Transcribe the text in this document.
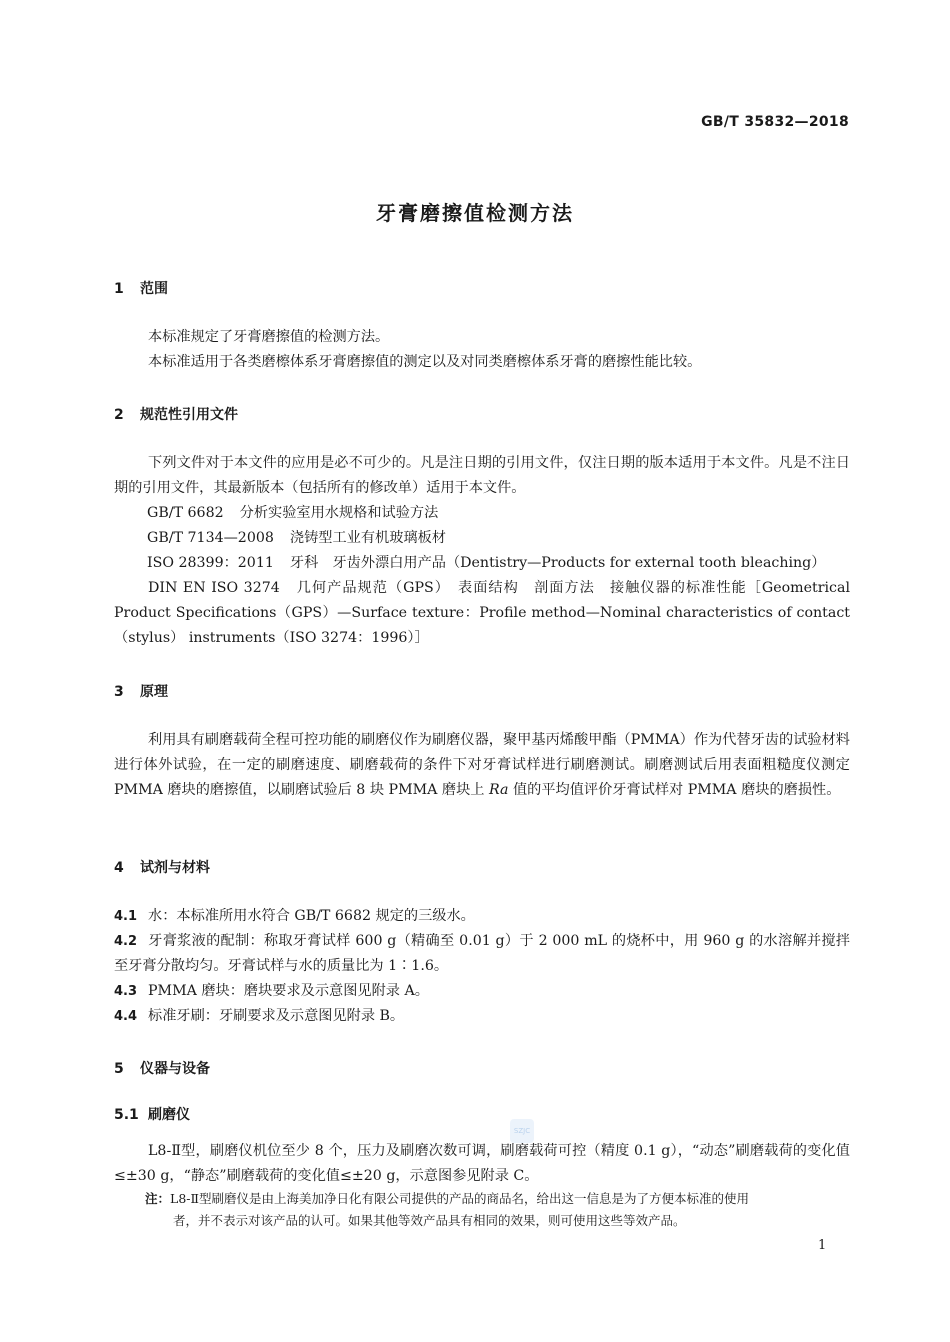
GB/T 35832—2018
牙膏磨擦值检测方法
1 范围
本标准规定了牙膏磨擦值的检测方法。
本标准适用于各类磨檫体系牙膏磨擦值的测定以及对同类磨檫体系牙膏的磨擦性能比较。
2 规范性引用文件
下列文件对于本文件的应用是必不可少的。凡是注日期的引用文件，仅注日期的版本适用于本文件。凡是不注日期的引用文件，其最新版本（包括所有的修改单）适用于本文件。
GB/T 6682 分析实验室用水规格和试验方法
GB/T 7134—2008 浇铸型工业有机玻璃板材
ISO 28399：2011 牙科　牙齿外漂白用产品（Dentistry—Products for external tooth bleaching）
DIN EN ISO 3274 几何产品规范（GPS）　表面结构　剖面方法　接触仪器的标准性能［Geometrical Product Specifications（GPS）—Surface texture：Profile method—Nominal characteristics of contact（stylus） instruments（ISO 3274：1996）］
3 原理
利用具有刷磨载荷全程可控功能的刷磨仪作为刷磨仪器，聚甲基丙烯酸甲酯（PMMA）作为代替牙齿的试验材料进行体外试验，在一定的刷磨速度、刷磨载荷的条件下对牙膏试样进行刷磨测试。刷磨测试后用表面粗糙度仪测定 PMMA 磨块的磨擦值，以刷磨试验后 8 块 PMMA 磨块上 Ra 值的平均值评价牙膏试样对 PMMA 磨块的磨损性。
4 试剂与材料
4.1 水：本标准所用水符合 GB/T 6682 规定的三级水。
4.2 牙膏浆液的配制：称取牙膏试样 600 g（精确至 0.01 g）于 2 000 mL 的烧杯中，用 960 g 的水溶解并搅拌至牙膏分散均匀。牙膏试样与水的质量比为 1∶1.6。
4.3 PMMA 磨块：磨块要求及示意图见附录 A。
4.4 标准牙刷：牙刷要求及示意图见附录 B。
5 仪器与设备
5.1 刷磨仪
L8-Ⅱ型，刷磨仪机位至少 8 个，压力及刷磨次数可调，刷磨载荷可控（精度 0.1 g），“动态”刷磨载荷的变化值≤±30 g，“静态”刷磨载荷的变化值≤±20 g，示意图参见附录 C。
注：L8-Ⅱ型刷磨仪是由上海美加净日化有限公司提供的产品的商品名，给出这一信息是为了方便本标准的使用
者，并不表示对该产品的认可。如果其他等效产品具有相同的效果，则可使用这些等效产品。
SZJC
1
